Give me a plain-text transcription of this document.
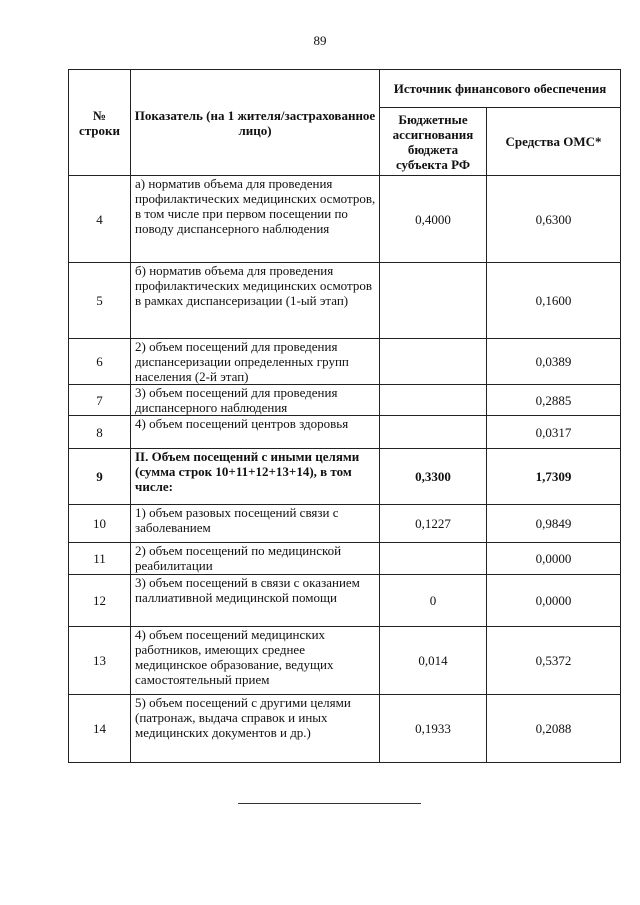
89
№ строки	Показатель (на 1 жителя/застрахованное лицо)	Источник финансового обеспечения	
		Бюджетные ассигнования бюджета субъекта РФ	Средства ОМС*
4	а) норматив объема для проведения профилактических медицинских осмотров, в том числе при первом посещении по поводу диспансерного наблюдения	0,4000	0,6300
5	б) норматив объема для проведения профилактических медицинских осмотров в рамках диспансеризации (1-ый этап)		0,1600
6	2) объем посещений для проведения диспансеризации определенных групп населения (2-й этап)		0,0389
7	3) объем посещений для проведения диспансерного наблюдения		0,2885
8	4) объем посещений центров здоровья		0,0317
9	II. Объем посещений с иными целями (сумма строк 10+11+12+13+14), в том числе:	0,3300	1,7309
10	1) объем разовых посещений связи с заболеванием	0,1227	0,9849
11	2) объем посещений по медицинской реабилитации		0,0000
12	3) объем посещений в связи с оказанием паллиативной медицинской помощи	0	0,0000
13	4) объем посещений медицинских работников, имеющих среднее медицинское образование, ведущих самостоятельный прием	0,014	0,5372
14	5) объем посещений с другими целями (патронаж, выдача справок и иных медицинских документов и др.)	0,1933	0,2088
